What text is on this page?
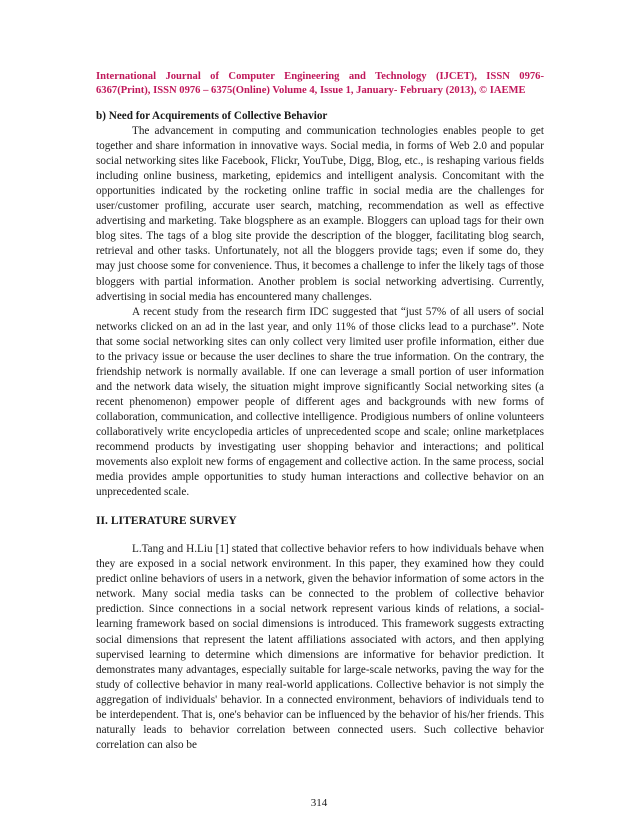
International Journal of Computer Engineering and Technology (IJCET), ISSN 0976-
6367(Print), ISSN 0976 – 6375(Online) Volume 4, Issue 1, January- February (2013), © IAEME
b) Need for Acquirements of Collective Behavior

The advancement in computing and communication technologies enables people to get together and share information in innovative ways. Social media, in forms of Web 2.0 and popular social networking sites like Facebook, Flickr, YouTube, Digg, Blog, etc., is reshaping various fields including online business, marketing, epidemics and intelligent analysis. Concomitant with the opportunities indicated by the rocketing online traffic in social media are the challenges for user/customer profiling, accurate user search, matching, recommendation as well as effective advertising and marketing. Take blogsphere as an example. Bloggers can upload tags for their own blog sites. The tags of a blog site provide the description of the blogger, facilitating blog search, retrieval and other tasks. Unfortunately, not all the bloggers provide tags; even if some do, they may just choose some for convenience. Thus, it becomes a challenge to infer the likely tags of those bloggers with partial information. Another problem is social networking advertising. Currently, advertising in social media has encountered many challenges.

A recent study from the research firm IDC suggested that “just 57% of all users of social networks clicked on an ad in the last year, and only 11% of those clicks lead to a purchase”. Note that some social networking sites can only collect very limited user profile information, either due to the privacy issue or because the user declines to share the true information. On the contrary, the friendship network is normally available. If one can leverage a small portion of user information and the network data wisely, the situation might improve significantly Social networking sites (a recent phenomenon) empower people of different ages and backgrounds with new forms of collaboration, communication, and collective intelligence. Prodigious numbers of online volunteers collaboratively write encyclopedia articles of unprecedented scope and scale; online marketplaces recommend products by investigating user shopping behavior and interactions; and political movements also exploit new forms of engagement and collective action. In the same process, social media provides ample opportunities to study human interactions and collective behavior on an unprecedented scale.

II. LITERATURE SURVEY

L.Tang and H.Liu [1] stated that collective behavior refers to how individuals behave when they are exposed in a social network environment. In this paper, they examined how they could predict online behaviors of users in a network, given the behavior information of some actors in the network. Many social media tasks can be connected to the problem of collective behavior prediction. Since connections in a social network represent various kinds of relations, a social-learning framework based on social dimensions is introduced. This framework suggests extracting social dimensions that represent the latent affiliations associated with actors, and then applying supervised learning to determine which dimensions are informative for behavior prediction. It demonstrates many advantages, especially suitable for large-scale networks, paving the way for the study of collective behavior in many real-world applications. Collective behavior is not simply the aggregation of individuals' behavior. In a connected environment, behaviors of individuals tend to be interdependent. That is, one's behavior can be influenced by the behavior of his/her friends. This naturally leads to behavior correlation between connected users. Such collective behavior correlation can also be

314
